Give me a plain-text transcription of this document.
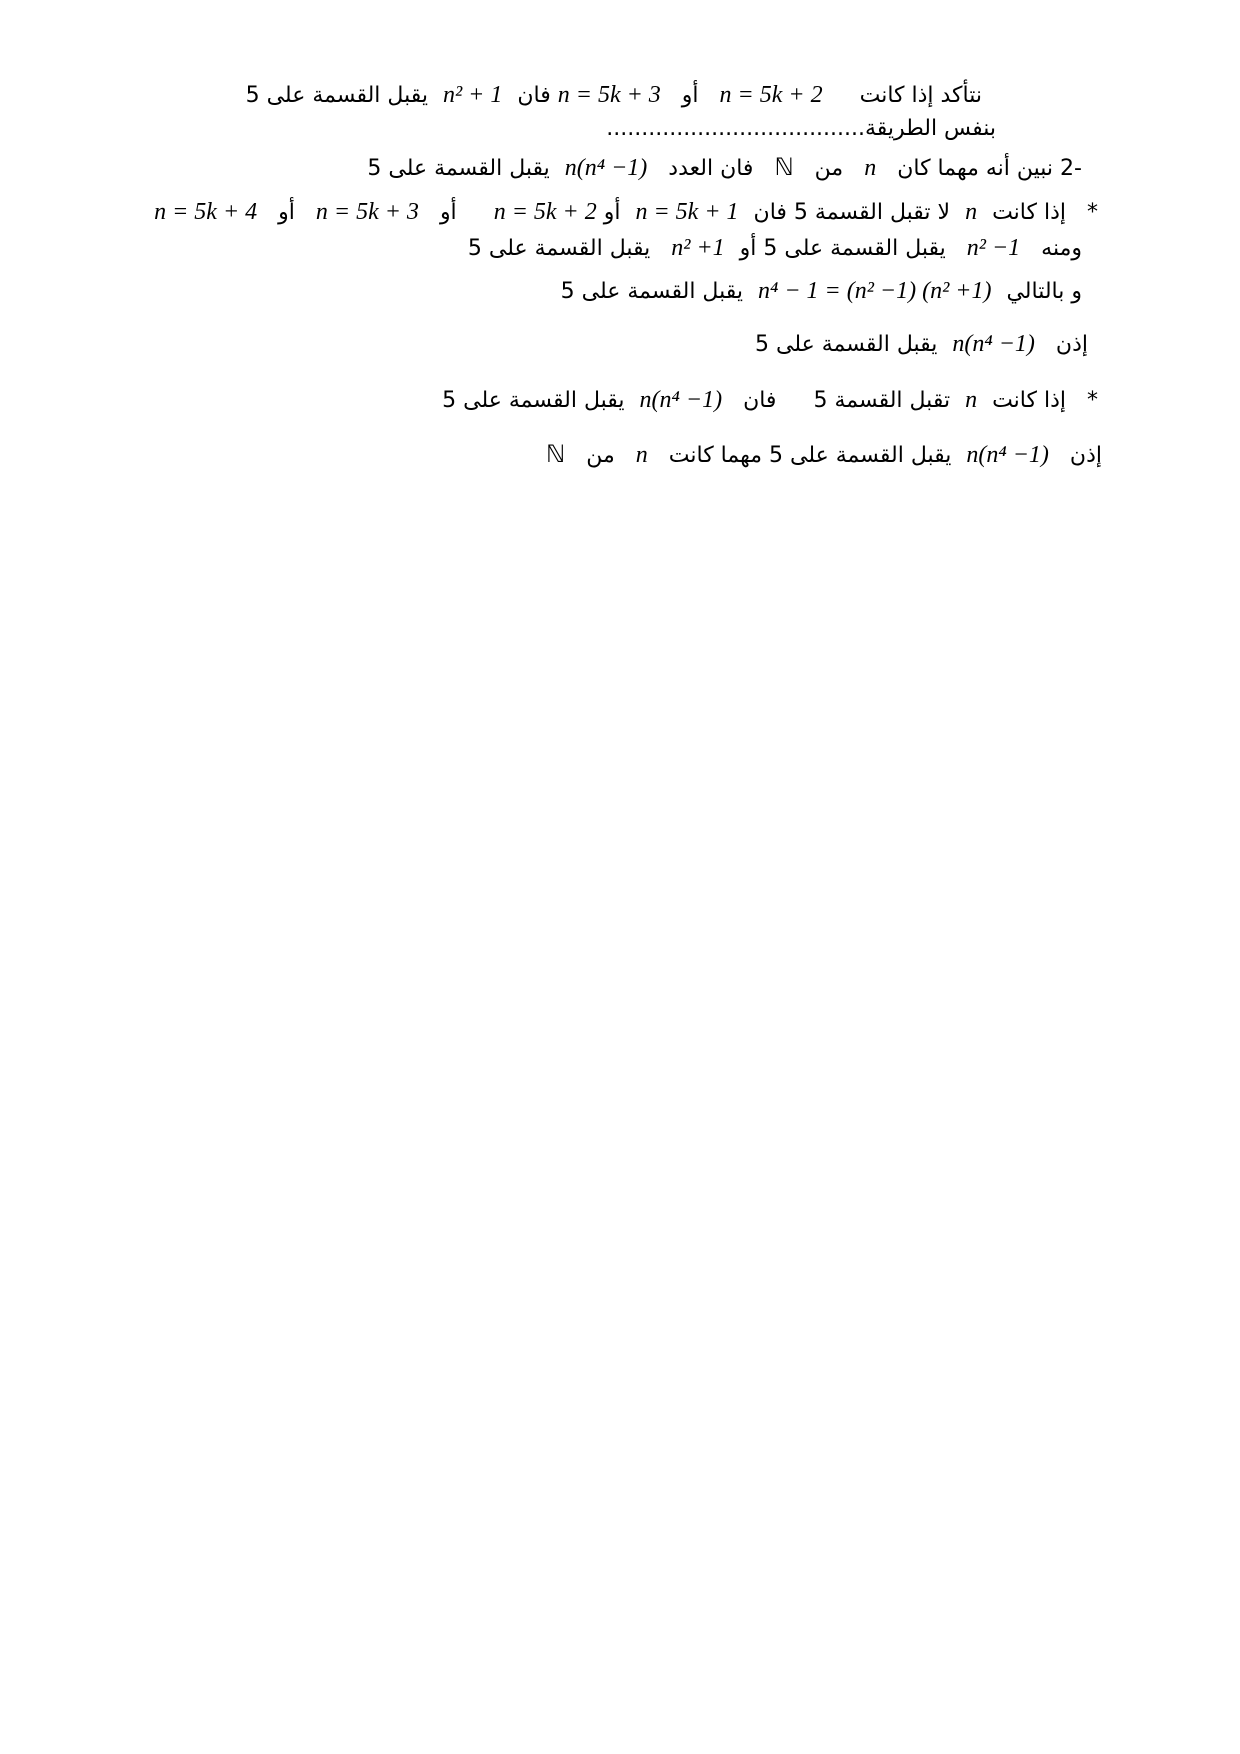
نتأكد إذا كانت n = 5k + 2 أو n = 5k + 3 فان n² + 1 يقبل القسمة على 5
بنفس الطريقة.....................................
-2 نبين أنه مهما كان n من ℕ فان العدد n(n⁴ −1) يقبل القسمة على 5
* إذا كانت n لا تقبل القسمة 5 فان n = 5k + 1 أو n = 5k + 2 أو n = 5k + 3 أو n = 5k + 4
ومنه n² −1 يقبل القسمة على 5 أو n² +1 يقبل القسمة على 5
و بالتالي n⁴ − 1 = (n² −1) (n² +1) يقبل القسمة على 5
إذن n(n⁴ −1) يقبل القسمة على 5
* إذا كانت n تقبل القسمة 5 فان n(n⁴ −1) يقبل القسمة على 5
إذن n(n⁴ −1) يقبل القسمة على 5 مهما كانت n من ℕ
